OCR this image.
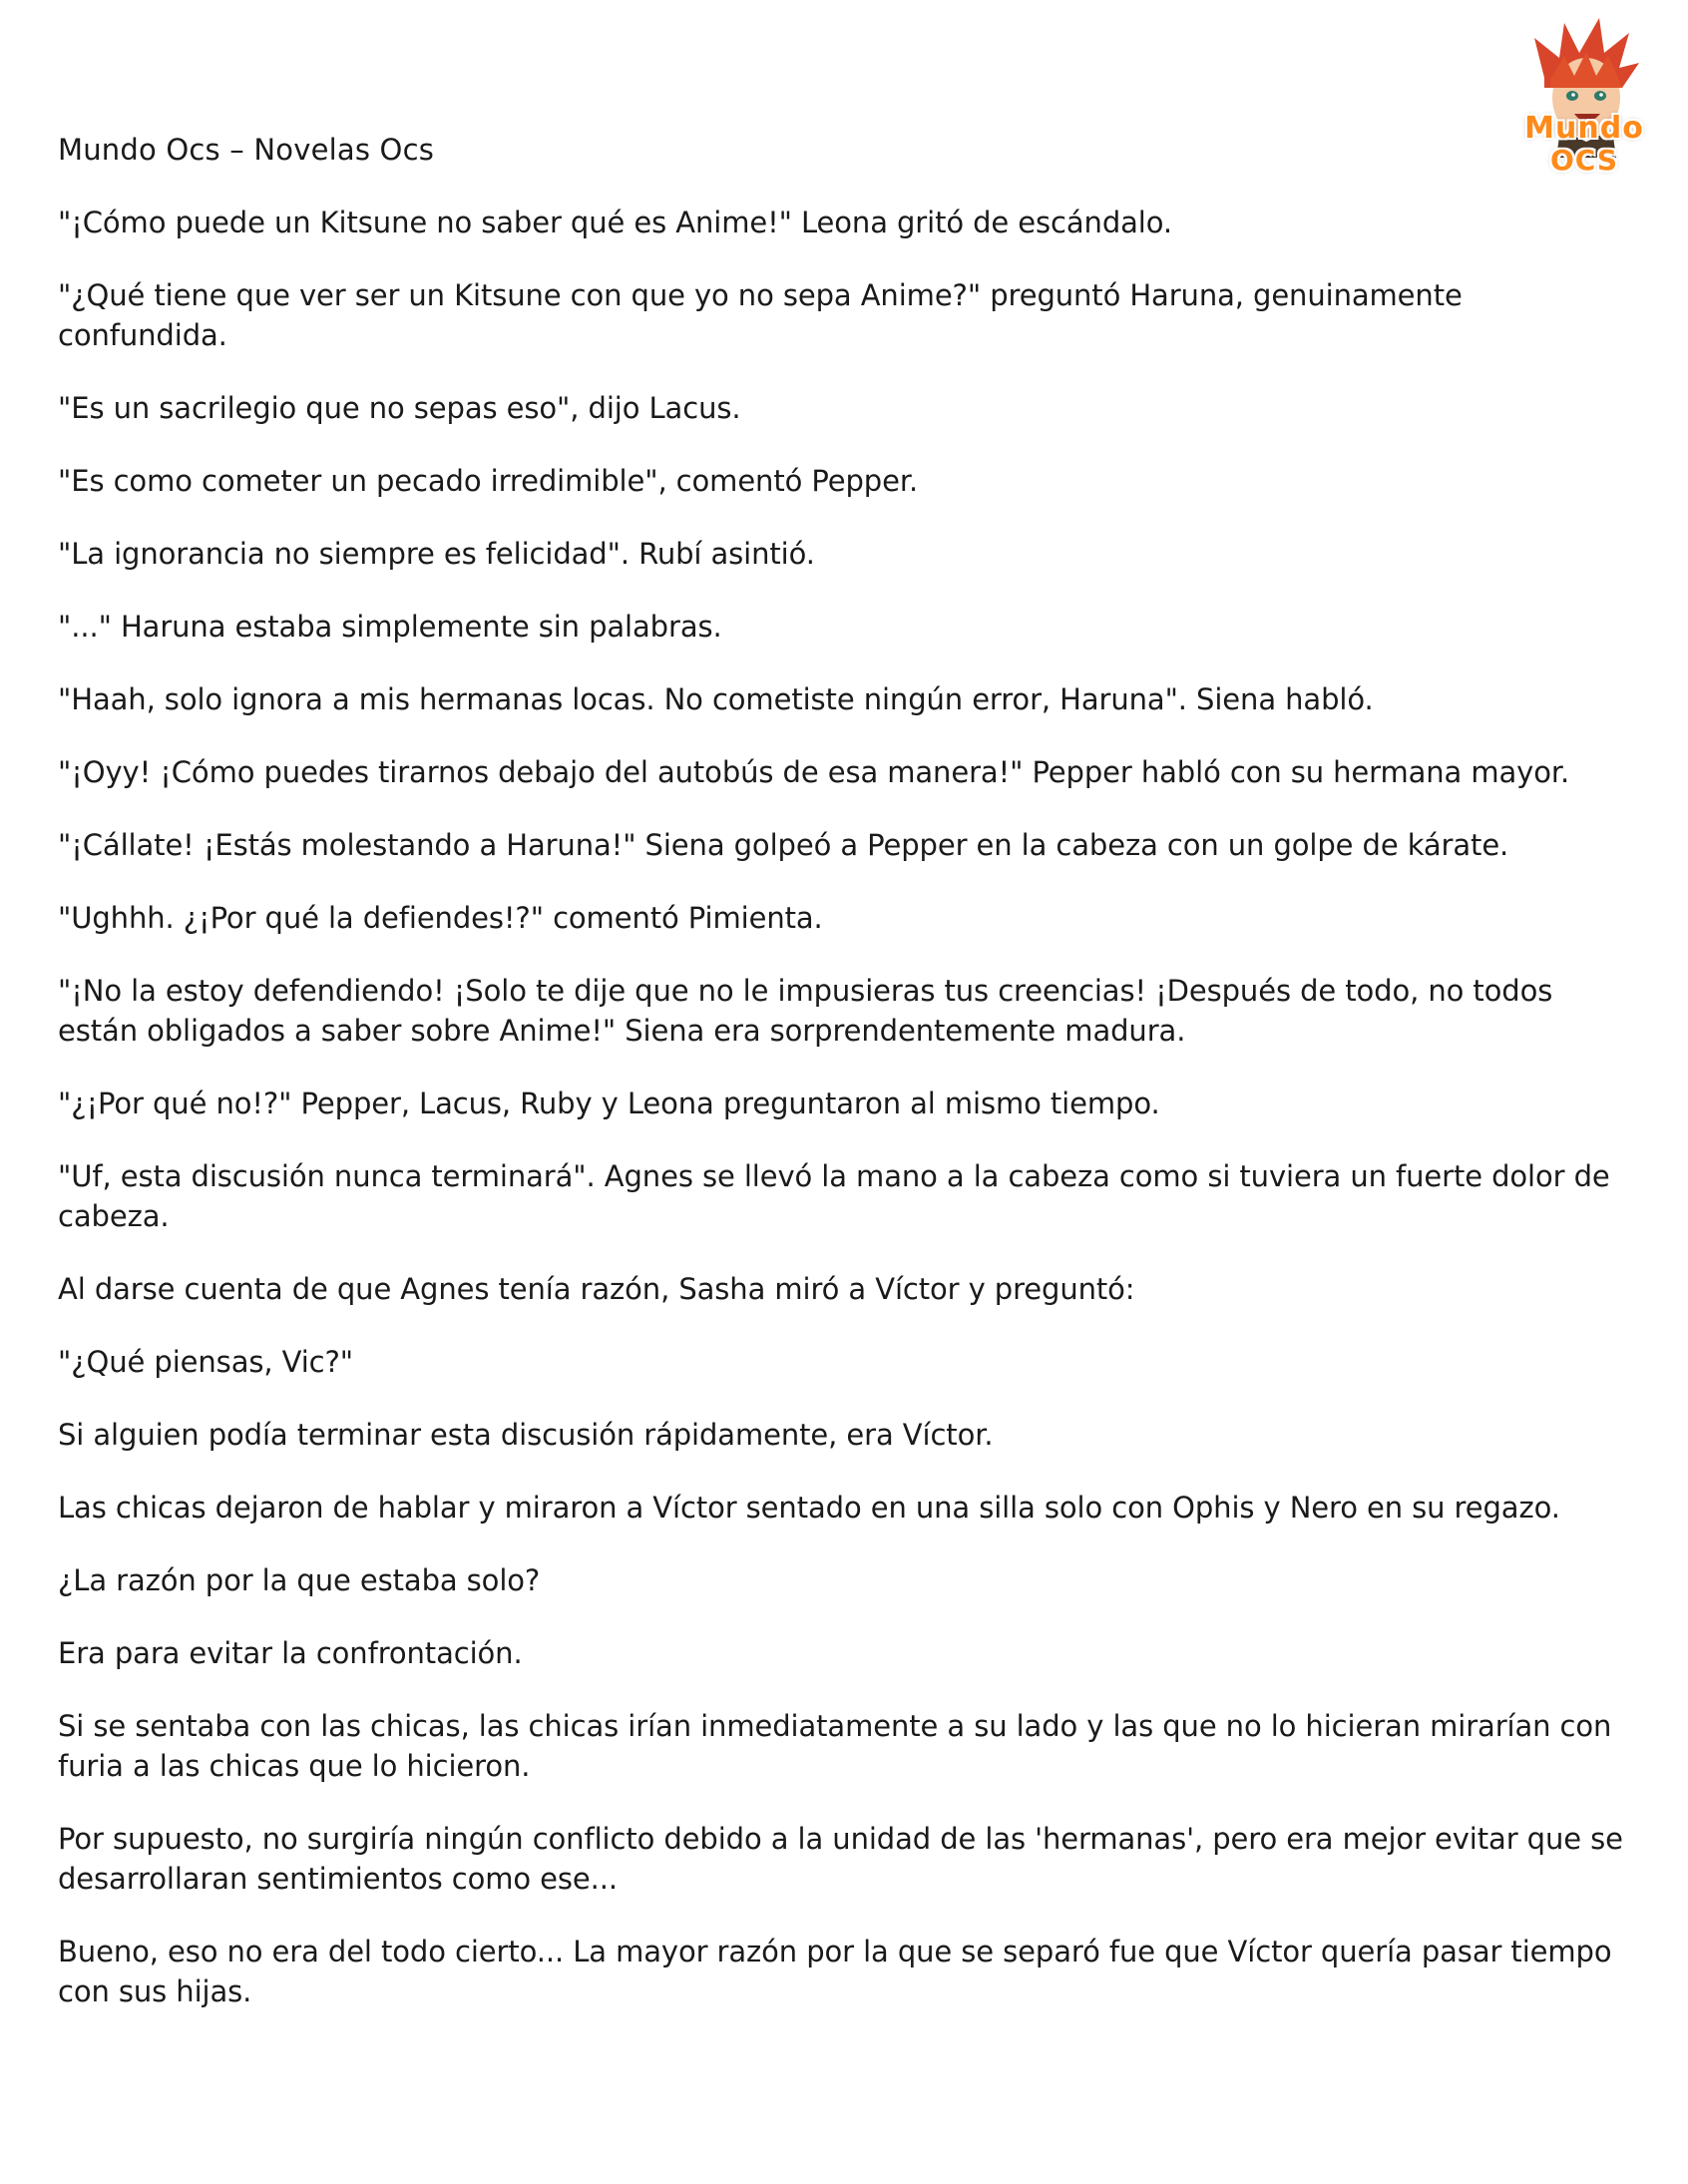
Mundo
OCS
Mundo Ocs – Novelas Ocs

"¡Cómo puede un Kitsune no saber qué es Anime!" Leona gritó de escándalo.

"¿Qué tiene que ver ser un Kitsune con que yo no sepa Anime?" preguntó Haruna, genuinamente confundida.

"Es un sacrilegio que no sepas eso", dijo Lacus.

"Es como cometer un pecado irredimible", comentó Pepper.

"La ignorancia no siempre es felicidad". Rubí asintió.

"..." Haruna estaba simplemente sin palabras.

"Haah, solo ignora a mis hermanas locas. No cometiste ningún error, Haruna". Siena habló.

"¡Oyy! ¡Cómo puedes tirarnos debajo del autobús de esa manera!" Pepper habló con su hermana mayor.

"¡Cállate! ¡Estás molestando a Haruna!" Siena golpeó a Pepper en la cabeza con un golpe de kárate.

"Ughhh. ¿¡Por qué la defiendes!?" comentó Pimienta.

"¡No la estoy defendiendo! ¡Solo te dije que no le impusieras tus creencias! ¡Después de todo, no todos están obligados a saber sobre Anime!" Siena era sorprendentemente madura.

"¿¡Por qué no!?" Pepper, Lacus, Ruby y Leona preguntaron al mismo tiempo.

"Uf, esta discusión nunca terminará". Agnes se llevó la mano a la cabeza como si tuviera un fuerte dolor de cabeza.

Al darse cuenta de que Agnes tenía razón, Sasha miró a Víctor y preguntó:

"¿Qué piensas, Vic?"

Si alguien podía terminar esta discusión rápidamente, era Víctor.

Las chicas dejaron de hablar y miraron a Víctor sentado en una silla solo con Ophis y Nero en su regazo.

¿La razón por la que estaba solo?

Era para evitar la confrontación.

Si se sentaba con las chicas, las chicas irían inmediatamente a su lado y las que no lo hicieran mirarían con furia a las chicas que lo hicieron.

Por supuesto, no surgiría ningún conflicto debido a la unidad de las 'hermanas', pero era mejor evitar que se desarrollaran sentimientos como ese...

Bueno, eso no era del todo cierto... La mayor razón por la que se separó fue que Víctor quería pasar tiempo con sus hijas.
